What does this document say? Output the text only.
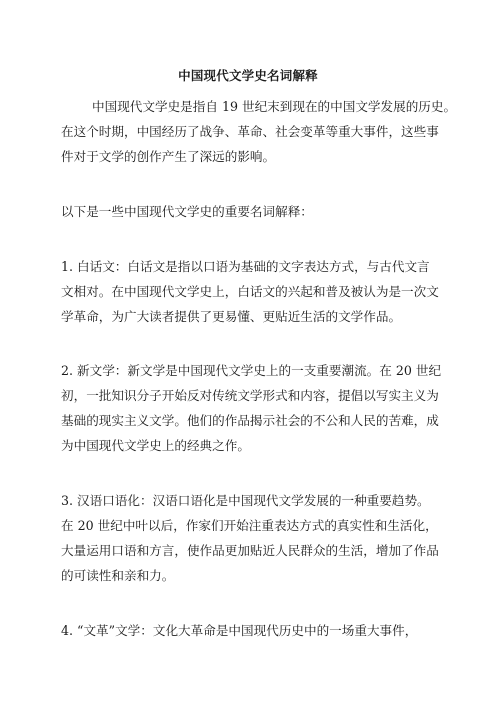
中国现代文学史名词解释
中国现代文学史是指自 19 世纪末到现在的中国文学发展的历史。
在这个时期，中国经历了战争、革命、社会变革等重大事件，这些事
件对于文学的创作产生了深远的影响。
以下是一些中国现代文学史的重要名词解释：
1. 白话文：白话文是指以口语为基础的文字表达方式，与古代文言
文相对。在中国现代文学史上，白话文的兴起和普及被认为是一次文
学革命，为广大读者提供了更易懂、更贴近生活的文学作品。
2. 新文学：新文学是中国现代文学史上的一支重要潮流。在 20 世纪
初，一批知识分子开始反对传统文学形式和内容，提倡以写实主义为
基础的现实主义文学。他们的作品揭示社会的不公和人民的苦难，成
为中国现代文学史上的经典之作。
3. 汉语口语化：汉语口语化是中国现代文学发展的一种重要趋势。
在 20 世纪中叶以后，作家们开始注重表达方式的真实性和生活化，
大量运用口语和方言，使作品更加贴近人民群众的生活，增加了作品
的可读性和亲和力。
4. “文革”文学：文化大革命是中国现代历史中的一场重大事件，
